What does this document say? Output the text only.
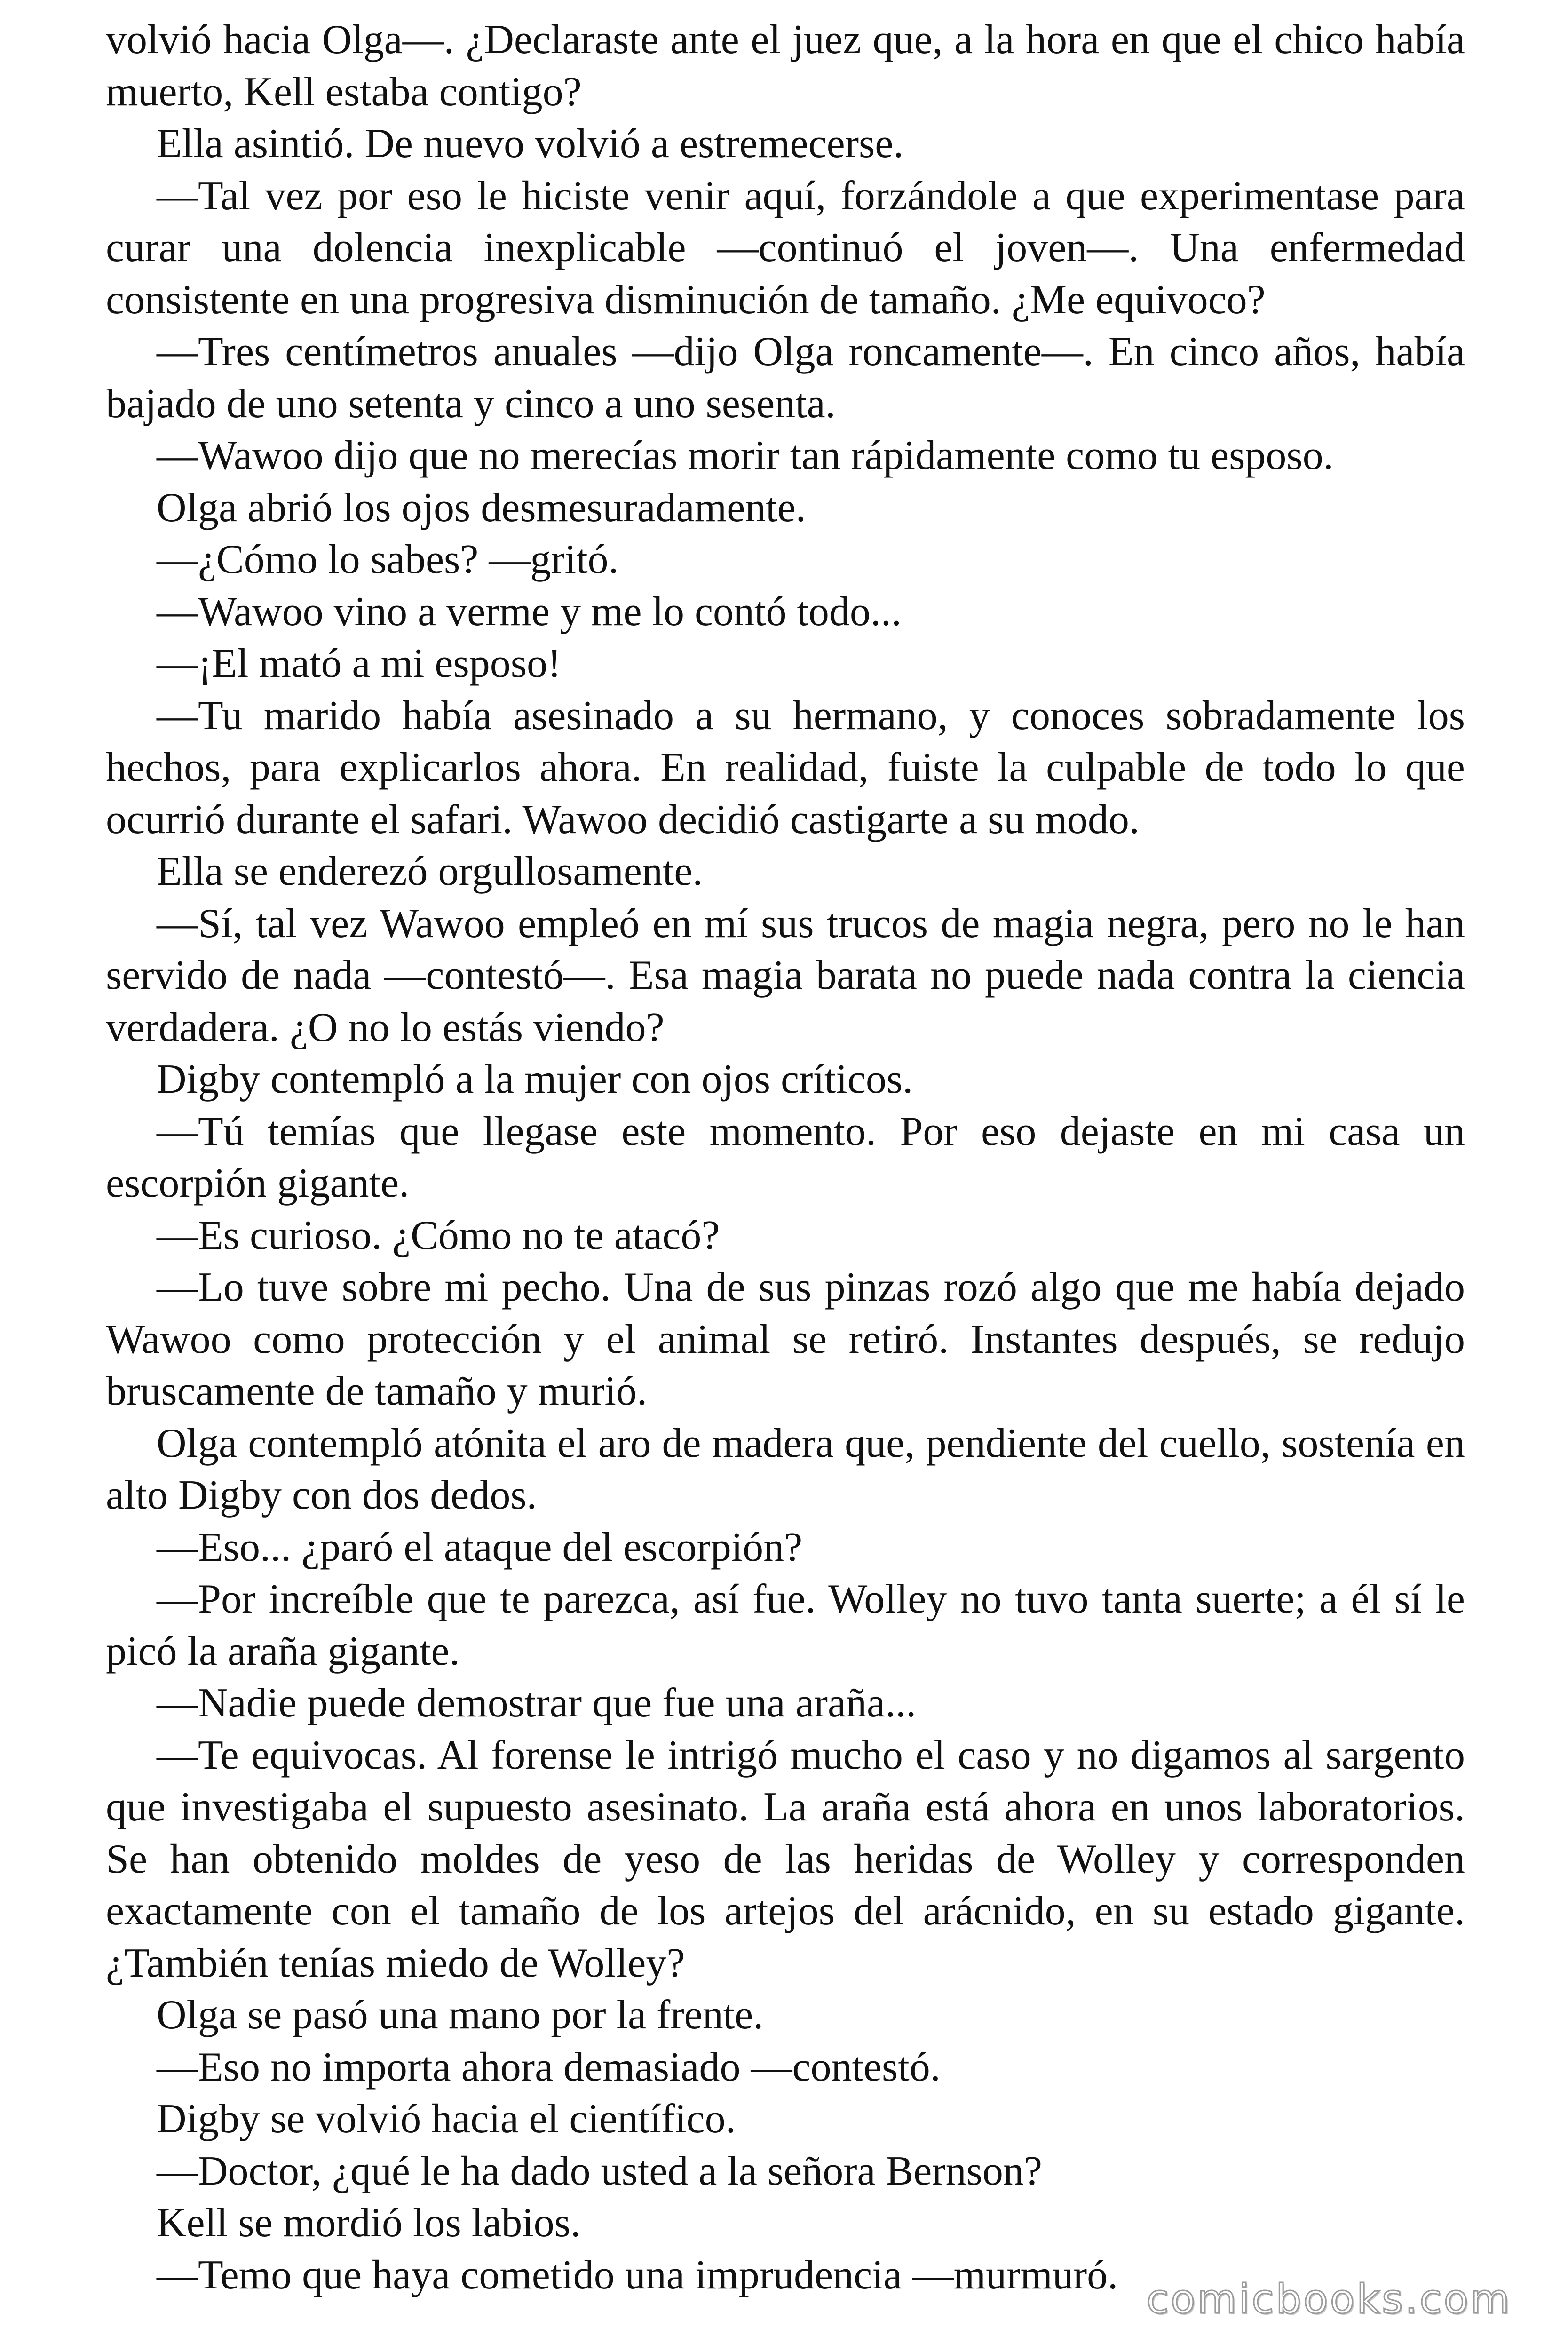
volvió hacia Olga—. ¿Declaraste ante el juez que, a la hora en que el chico había muerto, Kell estaba contigo?

Ella asintió. De nuevo volvió a estremecerse.

—Tal vez por eso le hiciste venir aquí, forzándole a que experimentase para curar una dolencia inexplicable —continuó el joven—. Una enfermedad consistente en una progresiva disminución de tamaño. ¿Me equivoco?

—Tres centímetros anuales —dijo Olga roncamente—. En cinco años, había bajado de uno setenta y cinco a uno sesenta.

—Wawoo dijo que no merecías morir tan rápidamente como tu esposo.

Olga abrió los ojos desmesuradamente.

—¿Cómo lo sabes? —gritó.

—Wawoo vino a verme y me lo contó todo...

—¡El mató a mi esposo!

—Tu marido había asesinado a su hermano, y conoces sobradamente los hechos, para explicarlos ahora. En realidad, fuiste la culpable de todo lo que ocurrió durante el safari. Wawoo decidió castigarte a su modo.

Ella se enderezó orgullosamente.

—Sí, tal vez Wawoo empleó en mí sus trucos de magia negra, pero no le han servido de nada —contestó—. Esa magia barata no puede nada contra la ciencia verdadera. ¿O no lo estás viendo?

Digby contempló a la mujer con ojos críticos.

—Tú temías que llegase este momento. Por eso dejaste en mi casa un escorpión gigante.

—Es curioso. ¿Cómo no te atacó?

—Lo tuve sobre mi pecho. Una de sus pinzas rozó algo que me había dejado Wawoo como protección y el animal se retiró. Instantes después, se redujo bruscamente de tamaño y murió.

Olga contempló atónita el aro de madera que, pendiente del cuello, sostenía en alto Digby con dos dedos.

—Eso... ¿paró el ataque del escorpión?

—Por increíble que te parezca, así fue. Wolley no tuvo tanta suerte; a él sí le picó la araña gigante.

—Nadie puede demostrar que fue una araña...

—Te equivocas. Al forense le intrigó mucho el caso y no digamos al sargento que investigaba el supuesto asesinato. La araña está ahora en unos laboratorios. Se han obtenido moldes de yeso de las heridas de Wolley y corresponden exactamente con el tamaño de los artejos del arácnido, en su estado gigante. ¿También tenías miedo de Wolley?

Olga se pasó una mano por la frente.

—Eso no importa ahora demasiado —contestó.

Digby se volvió hacia el científico.

—Doctor, ¿qué le ha dado usted a la señora Bernson?

Kell se mordió los labios.

—Temo que haya cometido una imprudencia —murmuró.

comicbooks.com
